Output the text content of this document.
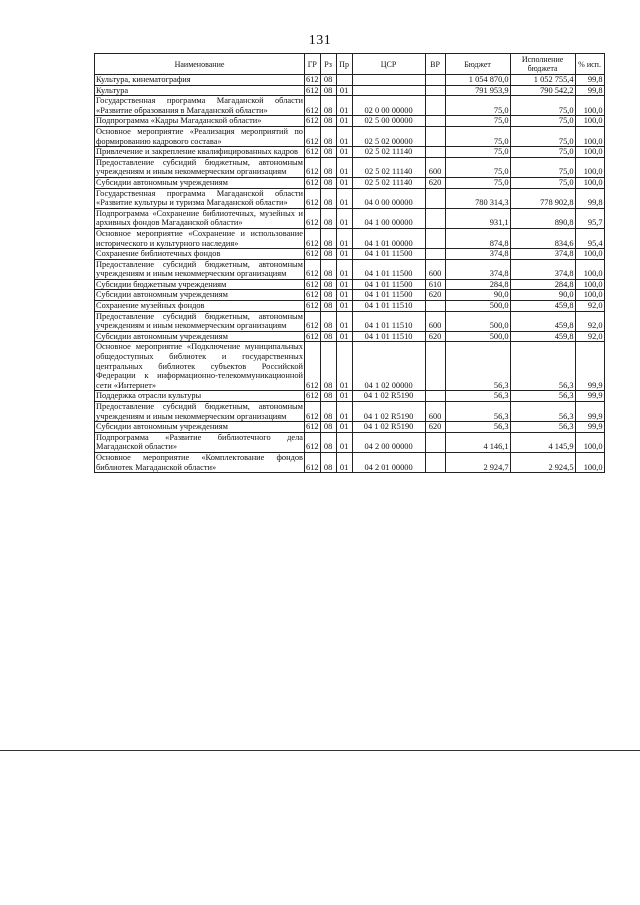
131
Наименование	ГР	Рз	Пр	ЦСР	ВР	Бюджет	Исполнение бюджета	% исп.
Культура, кинематография	612	08				1 054 870,0	1 052 755,4	99,8
Культура	612	08	01			791 953,9	790 542,2	99,8
Государственная программа Магаданской области «Развитие образования в Магаданской области»	612	08	01	02 0 00 00000		75,0	75,0	100,0
Подпрограмма «Кадры Магаданской области»	612	08	01	02 5 00 00000		75,0	75,0	100,0
Основное мероприятие «Реализация мероприятий по формированию кадрового состава»	612	08	01	02 5 02 00000		75,0	75,0	100,0
Привлечение и закрепление квалифицированных кадров	612	08	01	02 5 02 11140		75,0	75,0	100,0
Предоставление субсидий бюджетным, автономным учреждениям и иным некоммерческим организациям	612	08	01	02 5 02 11140	600	75,0	75,0	100,0
Субсидии автономным учреждениям	612	08	01	02 5 02 11140	620	75,0	75,0	100,0
Государственная программа Магаданской области «Развитие культуры и туризма Магаданской области»	612	08	01	04 0 00 00000		780 314,3	778 902,8	99,8
Подпрограмма «Сохранение библиотечных, музейных и архивных фондов Магаданской области»	612	08	01	04 1 00 00000		931,1	890,8	95,7
Основное мероприятие «Сохранение и использование исторического и культурного наследия»	612	08	01	04 1 01 00000		874,8	834,6	95,4
Сохранение библиотечных фондов	612	08	01	04 1 01 11500		374,8	374,8	100,0
Предоставление субсидий бюджетным, автономным учреждениям и иным некоммерческим организациям	612	08	01	04 1 01 11500	600	374,8	374,8	100,0
Субсидии бюджетным учреждениям	612	08	01	04 1 01 11500	610	284,8	284,8	100,0
Субсидии автономным учреждениям	612	08	01	04 1 01 11500	620	90,0	90,0	100,0
Сохранение музейных фондов	612	08	01	04 1 01 11510		500,0	459,8	92,0
Предоставление субсидий бюджетным, автономным учреждениям и иным некоммерческим организациям	612	08	01	04 1 01 11510	600	500,0	459,8	92,0
Субсидии автономным учреждениям	612	08	01	04 1 01 11510	620	500,0	459,8	92,0
Основное мероприятие «Подключение муниципальных общедоступных библиотек и государственных центральных библиотек субъектов Российской Федерации к информационно-телекоммуникационной сети «Интернет»	612	08	01	04 1 02 00000		56,3	56,3	99,9
Поддержка отрасли культуры	612	08	01	04 1 02 R5190		56,3	56,3	99,9
Предоставление субсидий бюджетным, автономным учреждениям и иным некоммерческим организациям	612	08	01	04 1 02 R5190	600	56,3	56,3	99,9
Субсидии автономным учреждениям	612	08	01	04 1 02 R5190	620	56,3	56,3	99,9
Подпрограмма «Развитие библиотечного дела Магаданской области»	612	08	01	04 2 00 00000		4 146,1	4 145,9	100,0
Основное мероприятие «Комплектование фондов библиотек Магаданской области»	612	08	01	04 2 01 00000		2 924,7	2 924,5	100,0
